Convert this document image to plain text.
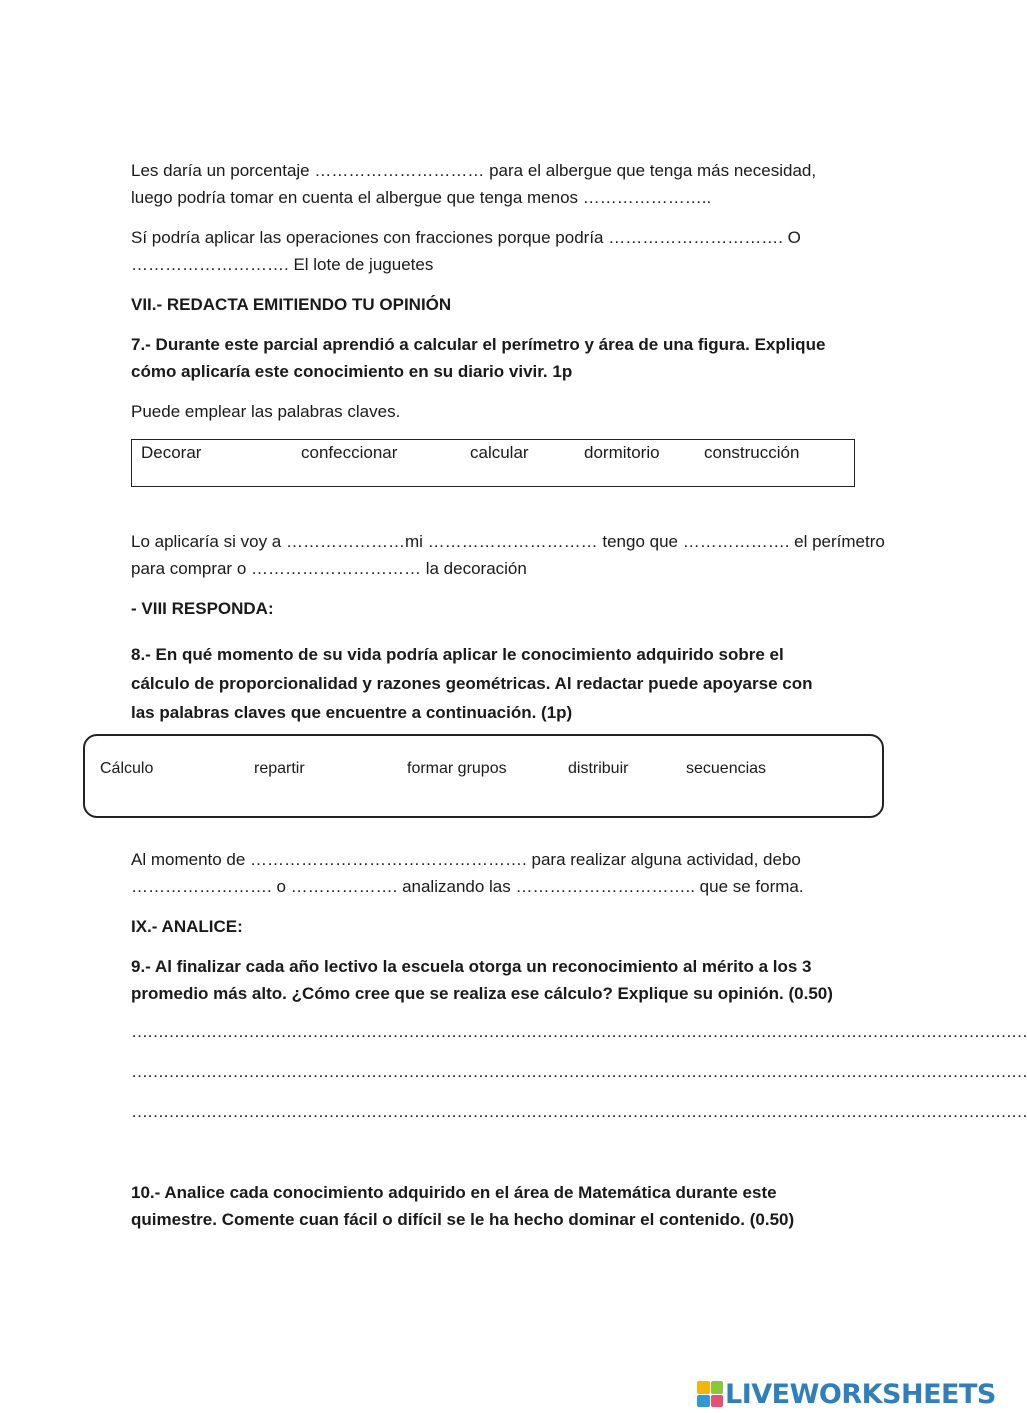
Les daría un porcentaje ………………………… para el albergue que tenga más necesidad,
luego podría tomar en cuenta el albergue que tenga menos …………………..
Sí podría aplicar las operaciones con fracciones porque podría …………………………. O
………………………. El lote de juguetes
VII.- REDACTA EMITIENDO TU OPINIÓN
7.- Durante este parcial aprendió a calcular el perímetro y área de una figura. Explique
cómo aplicaría este conocimiento en su diario vivir. 1p
Puede emplear las palabras claves.
Decorar	confeccionar	calcular	dormitorio	construcción
Lo aplicaría si voy a …………………mi ………………………… tengo que ………………. el perímetro
para comprar o ………………………… la decoración
- VIII RESPONDA:
8.- En qué momento de su vida podría aplicar le conocimiento adquirido sobre el
cálculo de proporcionalidad y razones geométricas. Al redactar puede apoyarse con
las palabras claves que encuentre a continuación. (1p)
Cálculo	repartir	formar grupos	distribuir	secuencias
Al momento de …………………………………………. para realizar alguna actividad, debo
……………………. o ………………. analizando las ………………………….. que se forma.
IX.- ANALICE:
9.- Al finalizar cada año lectivo la escuela otorga un reconocimiento al mérito a los 3
promedio más alto. ¿Cómo cree que se realiza ese cálculo? Explique su opinión. (0.50)
……………………………………………………………………………………………………………………………………………………
……………………………………………………………………………………………………………………………………………………
……………………………………………………………………………………………………………………………………………………
10.- Analice cada conocimiento adquirido en el área de Matemática durante este
quimestre. Comente cuan fácil o difícil se le ha hecho dominar el contenido. (0.50)
LIVEWORKSHEETS
